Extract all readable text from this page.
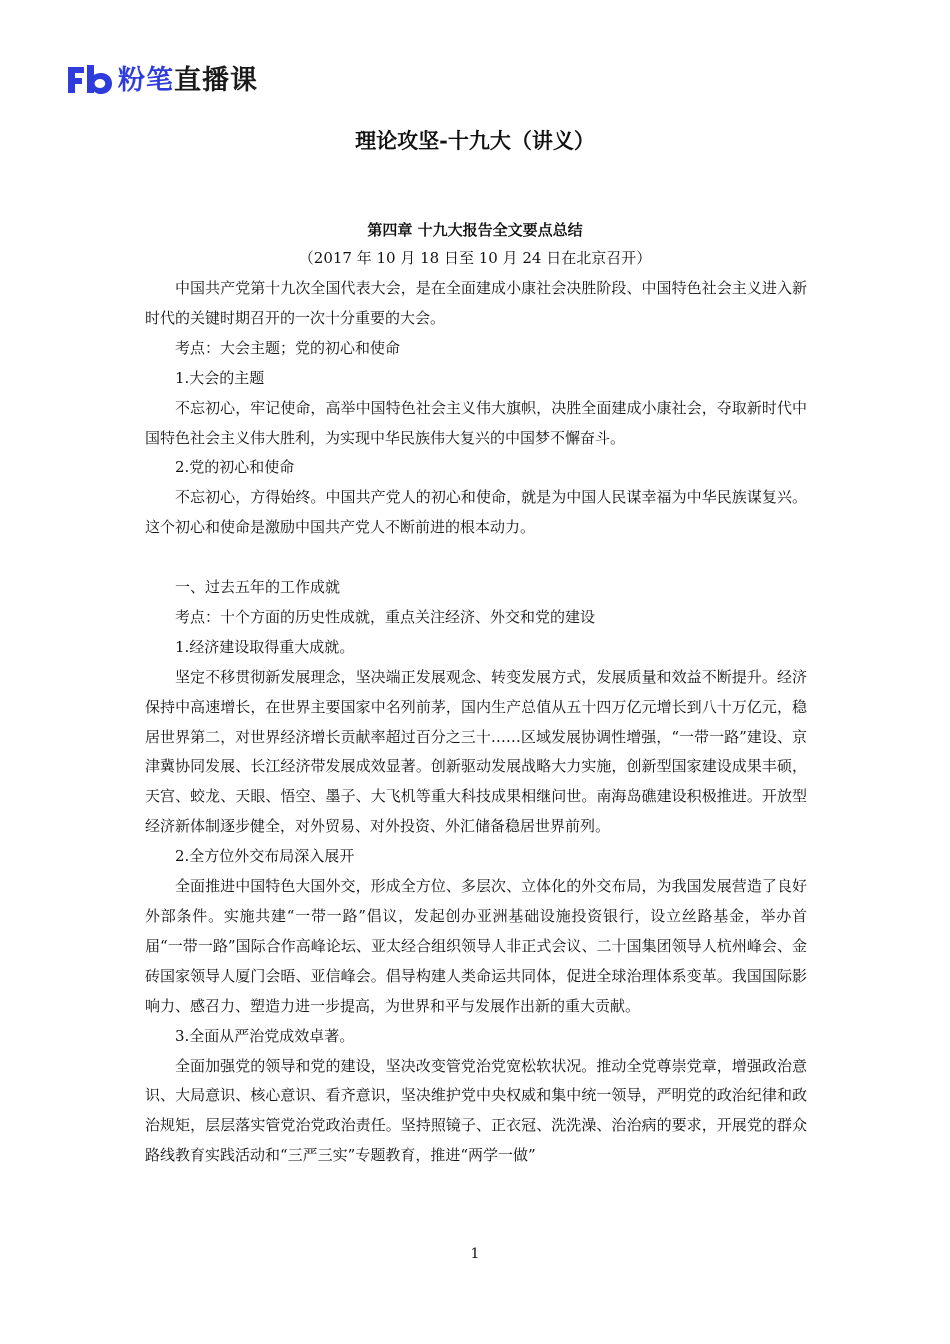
粉笔 直播课
理论攻坚-十九大（讲义）
第四章 十九大报告全文要点总结
（2017 年 10 月 18 日至 10 月 24 日在北京召开）

中国共产党第十九次全国代表大会，是在全面建成小康社会决胜阶段、中国特色社会主义进入新时代的关键时期召开的一次十分重要的大会。

考点：大会主题；党的初心和使命

1.大会的主题

不忘初心，牢记使命，高举中国特色社会主义伟大旗帜，决胜全面建成小康社会，夺取新时代中国特色社会主义伟大胜利，为实现中华民族伟大复兴的中国梦不懈奋斗。

2.党的初心和使命

不忘初心，方得始终。中国共产党人的初心和使命，就是为中国人民谋幸福为中华民族谋复兴。这个初心和使命是激励中国共产党人不断前进的根本动力。

一、过去五年的工作成就

考点：十个方面的历史性成就，重点关注经济、外交和党的建设

1.经济建设取得重大成就。

坚定不移贯彻新发展理念，坚决端正发展观念、转变发展方式，发展质量和效益不断提升。经济保持中高速增长，在世界主要国家中名列前茅，国内生产总值从五十四万亿元增长到八十万亿元，稳居世界第二，对世界经济增长贡献率超过百分之三十……区域发展协调性增强，“一带一路”建设、京津冀协同发展、长江经济带发展成效显著。创新驱动发展战略大力实施，创新型国家建设成果丰硕，天宫、蛟龙、天眼、悟空、墨子、大飞机等重大科技成果相继问世。南海岛礁建设积极推进。开放型经济新体制逐步健全，对外贸易、对外投资、外汇储备稳居世界前列。

2.全方位外交布局深入展开

全面推进中国特色大国外交，形成全方位、多层次、立体化的外交布局，为我国发展营造了良好外部条件。实施共建“一带一路”倡议，发起创办亚洲基础设施投资银行，设立丝路基金，举办首届“一带一路”国际合作高峰论坛、亚太经合组织领导人非正式会议、二十国集团领导人杭州峰会、金砖国家领导人厦门会晤、亚信峰会。倡导构建人类命运共同体，促进全球治理体系变革。我国国际影响力、感召力、塑造力进一步提高，为世界和平与发展作出新的重大贡献。

3.全面从严治党成效卓著。

全面加强党的领导和党的建设，坚决改变管党治党宽松软状况。推动全党尊崇党章，增强政治意识、大局意识、核心意识、看齐意识，坚决维护党中央权威和集中统一领导，严明党的政治纪律和政治规矩，层层落实管党治党政治责任。坚持照镜子、正衣冠、洗洗澡、治治病的要求，开展党的群众路线教育实践活动和“三严三实”专题教育，推进“两学一做”

1
